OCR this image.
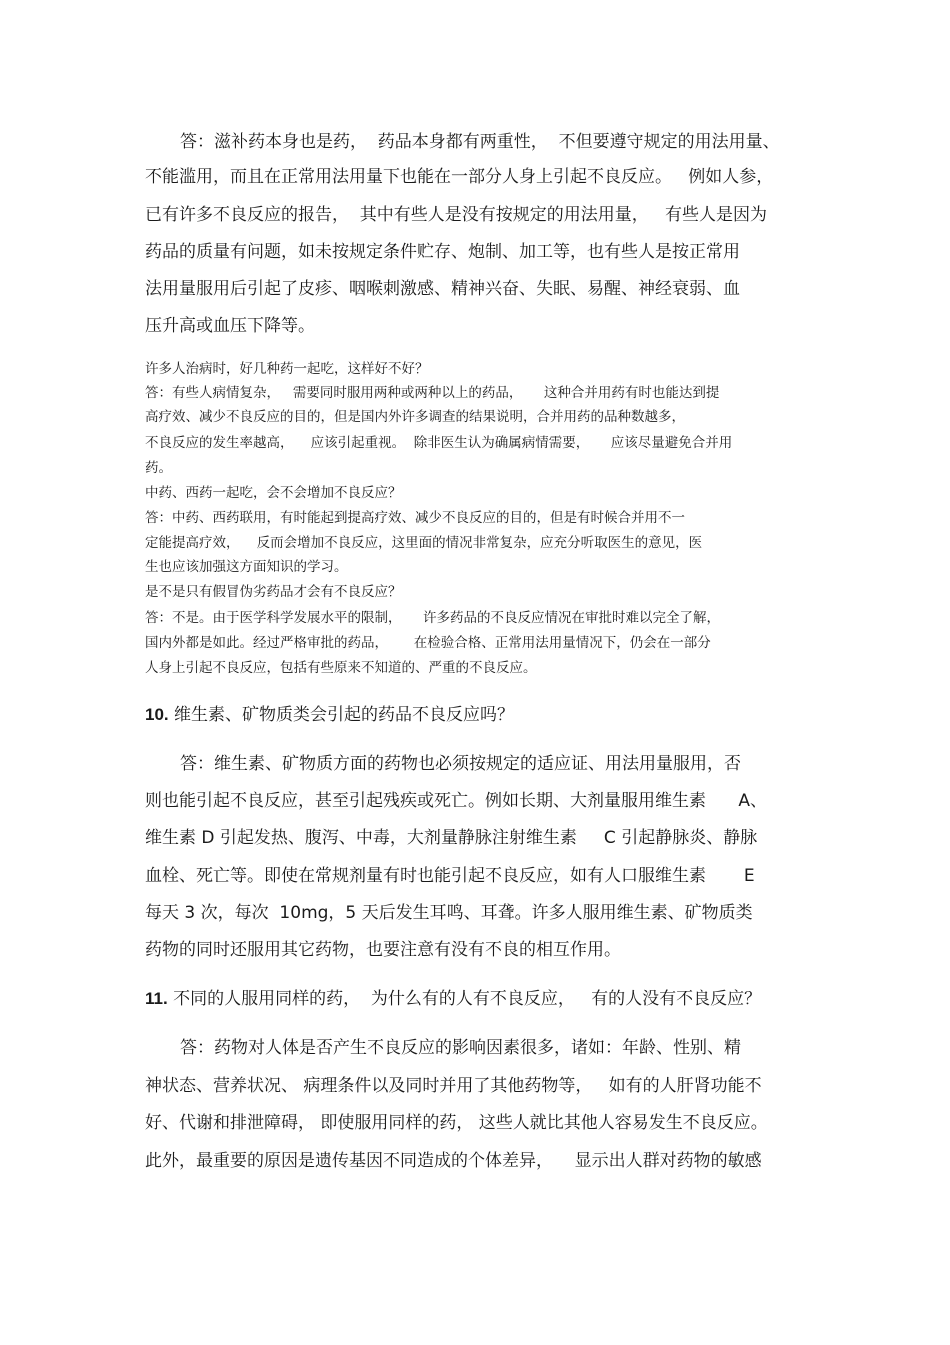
答：滋补药本身也是药，  药品本身都有两重性，  不但要遵守规定的用法用量、

不能滥用，而且在正常用法用量下也能在一部分人身上引起不良反应。   例如人参，

已有许多不良反应的报告，  其中有些人是没有按规定的用法用量，   有些人是因为

药品的质量有问题，如未按规定条件贮存、炮制、加工等，也有些人是按正常用

法用量服用后引起了皮疹、咽喉刺激感、精神兴奋、失眠、易醒、神经衰弱、血

压升高或血压下降等。

许多人治病时，好几种药一起吃，这样好不好？

答：有些人病情复杂，   需要同时服用两种或两种以上的药品，     这种合并用药有时也能达到提

高疗效、减少不良反应的目的，但是国内外许多调查的结果说明，合并用药的品种数越多，

不良反应的发生率越高，    应该引起重视。  除非医生认为确属病情需要，     应该尽量避免合并用

药。

中药、西药一起吃，会不会增加不良反应？

答：中药、西药联用，有时能起到提高疗效、减少不良反应的目的，但是有时候合并用不一

定能提高疗效，    反而会增加不良反应，这里面的情况非常复杂，应充分听取医生的意见，医

生也应该加强这方面知识的学习。

是不是只有假冒伪劣药品才会有不良反应？

答：不是。由于医学科学发展水平的限制，     许多药品的不良反应情况在审批时难以完全了解，

国内外都是如此。经过严格审批的药品，      在检验合格、正常用法用量情况下，仍会在一部分

人身上引起不良反应，包括有些原来不知道的、严重的不良反应。

10. 维生素、矿物质类会引起的药品不良反应吗？

答：维生素、矿物质方面的药物也必须按规定的适应证、用法用量服用，否

则也能引起不良反应，甚至引起残疾或死亡。例如长期、大剂量服用维生素      A、

维生素 D 引起发热、腹泻、中毒，大剂量静脉注射维生素     C 引起静脉炎、静脉

血栓、死亡等。即使在常规剂量有时也能引起不良反应，如有人口服维生素       E

每天 3 次，每次  10mg，5 天后发生耳鸣、耳聋。许多人服用维生素、矿物质类

药物的同时还服用其它药物，也要注意有没有不良的相互作用。

11. 不同的人服用同样的药，  为什么有的人有不良反应，   有的人没有不良反应？

答：药物对人体是否产生不良反应的影响因素很多，诸如：年龄、性别、精

神状态、营养状况、 病理条件以及同时并用了其他药物等，   如有的人肝肾功能不

好、代谢和排泄障碍， 即使服用同样的药， 这些人就比其他人容易发生不良反应。

此外，最重要的原因是遗传基因不同造成的个体差异，    显示出人群对药物的敏感
